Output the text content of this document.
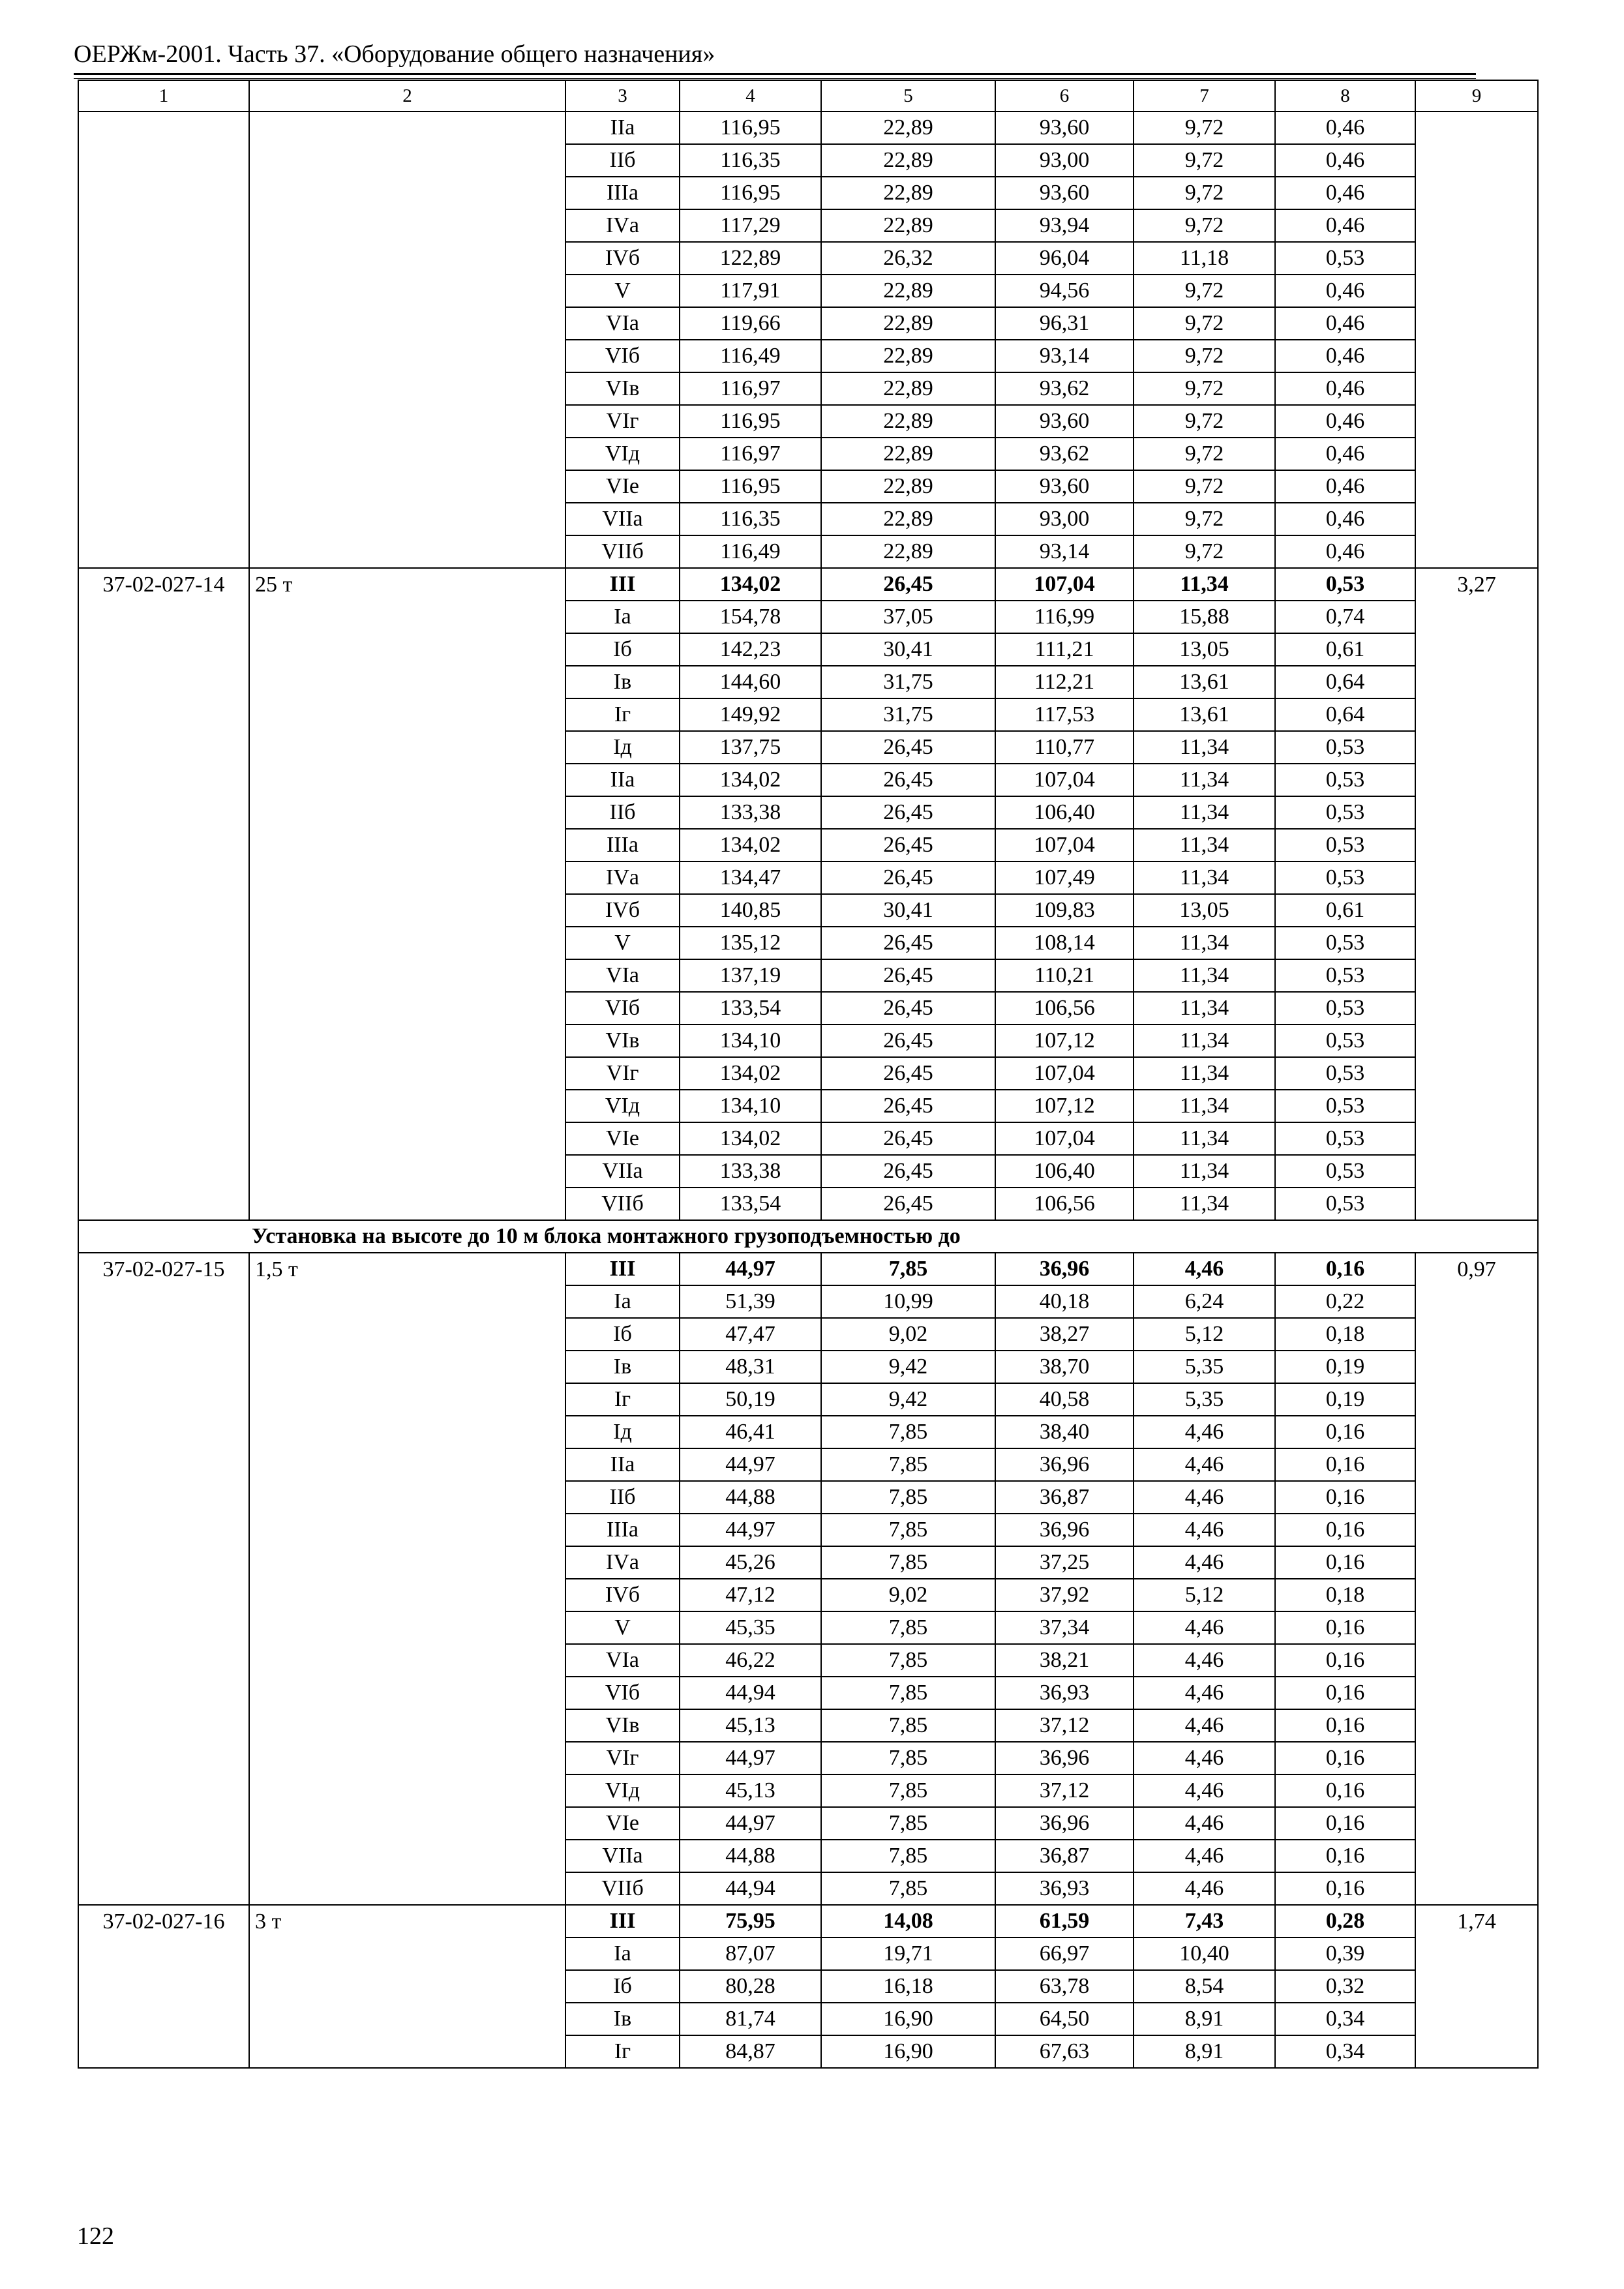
ОЕРЖм-2001. Часть 37. «Оборудование общего назначения»
1	2	3	4	5	6	7	8	9
		IIа	116,95	22,89	93,60	9,72	0,46	
		IIб	116,35	22,89	93,00	9,72	0,46	
		IIIа	116,95	22,89	93,60	9,72	0,46	
		IVа	117,29	22,89	93,94	9,72	0,46	
		IVб	122,89	26,32	96,04	11,18	0,53	
		V	117,91	22,89	94,56	9,72	0,46	
		VIа	119,66	22,89	96,31	9,72	0,46	
		VIб	116,49	22,89	93,14	9,72	0,46	
		VIв	116,97	22,89	93,62	9,72	0,46	
		VIг	116,95	22,89	93,60	9,72	0,46	
		VIд	116,97	22,89	93,62	9,72	0,46	
		VIе	116,95	22,89	93,60	9,72	0,46	
		VIIа	116,35	22,89	93,00	9,72	0,46	
		VIIб	116,49	22,89	93,14	9,72	0,46	
37-02-027-14	25 т	III	134,02	26,45	107,04	11,34	0,53	3,27
		Iа	154,78	37,05	116,99	15,88	0,74	
		Iб	142,23	30,41	111,21	13,05	0,61	
		Iв	144,60	31,75	112,21	13,61	0,64	
		Iг	149,92	31,75	117,53	13,61	0,64	
		Iд	137,75	26,45	110,77	11,34	0,53	
		IIа	134,02	26,45	107,04	11,34	0,53	
		IIб	133,38	26,45	106,40	11,34	0,53	
		IIIа	134,02	26,45	107,04	11,34	0,53	
		IVа	134,47	26,45	107,49	11,34	0,53	
		IVб	140,85	30,41	109,83	13,05	0,61	
		V	135,12	26,45	108,14	11,34	0,53	
		VIа	137,19	26,45	110,21	11,34	0,53	
		VIб	133,54	26,45	106,56	11,34	0,53	
		VIв	134,10	26,45	107,12	11,34	0,53	
		VIг	134,02	26,45	107,04	11,34	0,53	
		VIд	134,10	26,45	107,12	11,34	0,53	
		VIе	134,02	26,45	107,04	11,34	0,53	
		VIIа	133,38	26,45	106,40	11,34	0,53	
		VIIб	133,54	26,45	106,56	11,34	0,53	
Установка на высоте до 10 м блока монтажного грузоподъемностью до								
37-02-027-15	1,5 т	III	44,97	7,85	36,96	4,46	0,16	0,97
		Iа	51,39	10,99	40,18	6,24	0,22	
		Iб	47,47	9,02	38,27	5,12	0,18	
		Iв	48,31	9,42	38,70	5,35	0,19	
		Iг	50,19	9,42	40,58	5,35	0,19	
		Iд	46,41	7,85	38,40	4,46	0,16	
		IIа	44,97	7,85	36,96	4,46	0,16	
		IIб	44,88	7,85	36,87	4,46	0,16	
		IIIа	44,97	7,85	36,96	4,46	0,16	
		IVа	45,26	7,85	37,25	4,46	0,16	
		IVб	47,12	9,02	37,92	5,12	0,18	
		V	45,35	7,85	37,34	4,46	0,16	
		VIа	46,22	7,85	38,21	4,46	0,16	
		VIб	44,94	7,85	36,93	4,46	0,16	
		VIв	45,13	7,85	37,12	4,46	0,16	
		VIг	44,97	7,85	36,96	4,46	0,16	
		VIд	45,13	7,85	37,12	4,46	0,16	
		VIе	44,97	7,85	36,96	4,46	0,16	
		VIIа	44,88	7,85	36,87	4,46	0,16	
		VIIб	44,94	7,85	36,93	4,46	0,16	
37-02-027-16	3 т	III	75,95	14,08	61,59	7,43	0,28	1,74
		Iа	87,07	19,71	66,97	10,40	0,39	
		Iб	80,28	16,18	63,78	8,54	0,32	
		Iв	81,74	16,90	64,50	8,91	0,34	
		Iг	84,87	16,90	67,63	8,91	0,34	
122
